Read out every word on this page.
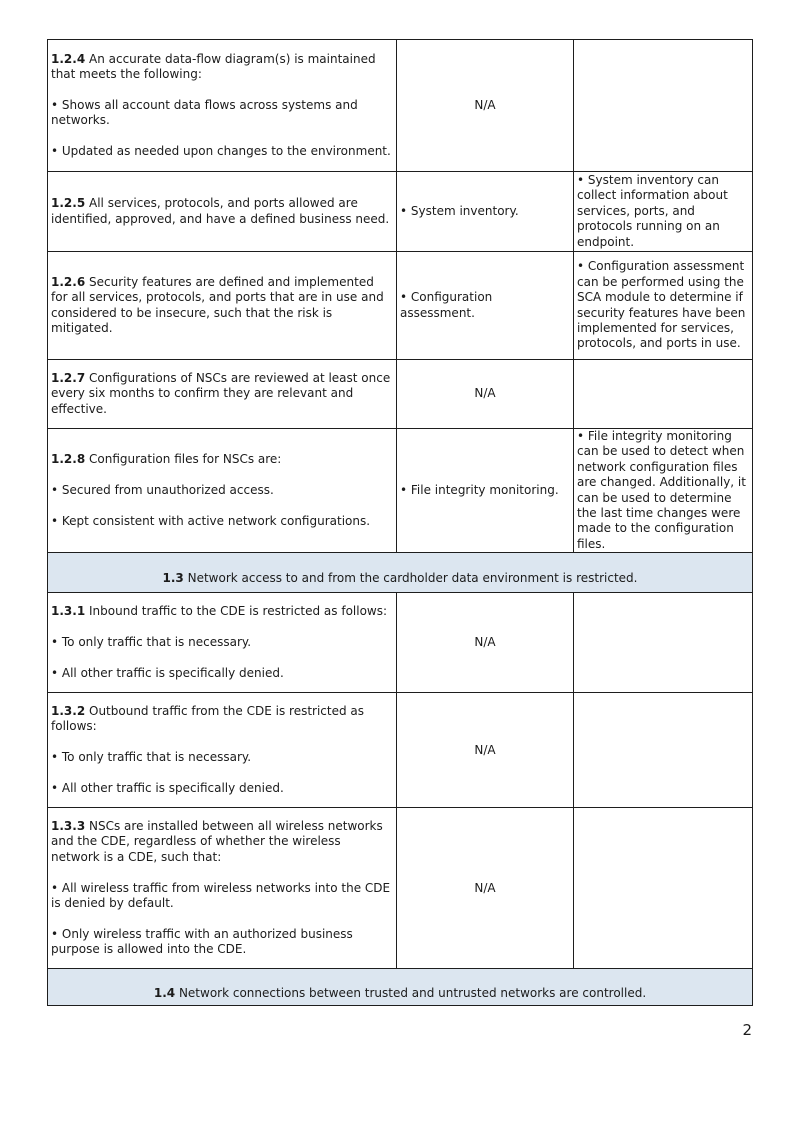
1.2.4 An accurate data-flow diagram(s) is maintained that meets the following:

• Shows all account data flows across systems and networks.

• Updated as needed upon changes to the environment.	N/A	

1.2.5 All services, protocols, and ports allowed are identified, approved, and have a defined business need.	• System inventory.	• System inventory can collect information about services, ports, and protocols running on an endpoint.

1.2.6 Security features are defined and implemented for all services, protocols, and ports that are in use and considered to be insecure, such that the risk is mitigated.	• Configuration assessment.	• Configuration assessment can be performed using the SCA module to determine if security features have been implemented for services, protocols, and ports in use.

1.2.7 Configurations of NSCs are reviewed at least once every six months to confirm they are relevant and effective.	N/A	

1.2.8 Configuration files for NSCs are:

• Secured from unauthorized access.

• Kept consistent with active network configurations.	• File integrity monitoring.	• File integrity monitoring can be used to detect when network configuration files are changed. Additionally, it can be used to determine the last time changes were made to the configuration files.

1.3 Network access to and from the cardholder data environment is restricted.		

1.3.1 Inbound traffic to the CDE is restricted as follows:

• To only traffic that is necessary.

• All other traffic is specifically denied.	N/A	

1.3.2 Outbound traffic from the CDE is restricted as follows:

• To only traffic that is necessary.

• All other traffic is specifically denied.	N/A	

1.3.3 NSCs are installed between all wireless networks and the CDE, regardless of whether the wireless network is a CDE, such that:

• All wireless traffic from wireless networks into the CDE is denied by default.

• Only wireless traffic with an authorized business purpose is allowed into the CDE.	N/A	
1.4 Network connections between trusted and untrusted networks are controlled.		
2
